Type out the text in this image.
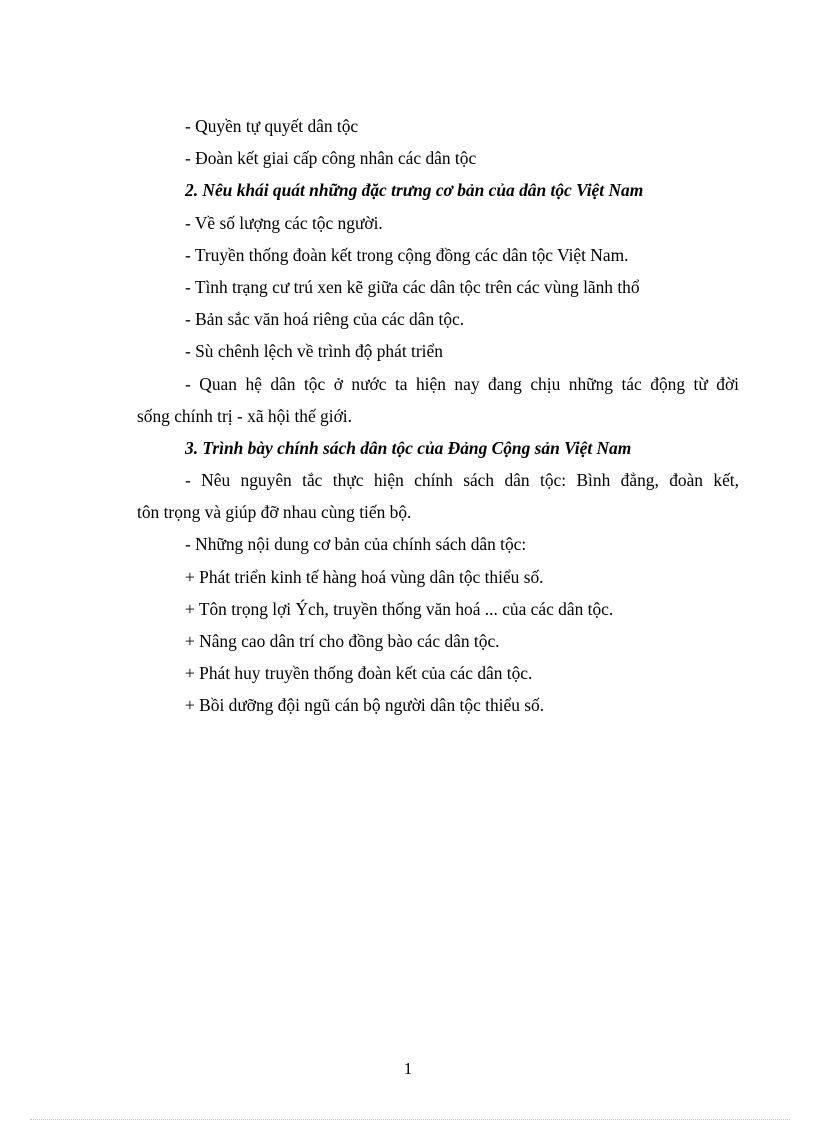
- Quyền tự quyết dân tộc
- Đoàn kết giai cấp công nhân các dân tộc
2. Nêu khái quát những đặc trưng cơ bản của dân tộc Việt Nam
- Về số lượng các tộc người.
- Truyền thống đoàn kết trong cộng đồng các dân tộc Việt Nam.
- Tình trạng cư trú xen kẽ giữa các dân tộc trên các vùng lãnh thổ
- Bản sắc văn hoá riêng của các dân tộc.
- Sù chênh lệch về trình độ phát triển
- Quan hệ dân tộc ở nước ta hiện nay đang chịu những tác động từ đời
sống chính trị - xã hội thế giới.
3. Trình bày chính sách dân tộc của Đảng Cộng sản Việt Nam
- Nêu nguyên tắc thực hiện chính sách dân tộc: Bình đẳng, đoàn kết,
tôn trọng và giúp đỡ nhau cùng tiến bộ.
- Những nội dung cơ bản của chính sách dân tộc:
+ Phát triển kinh tế hàng hoá vùng dân tộc thiểu số.
+ Tôn trọng lợi Ých, truyền thống văn hoá ... của các dân tộc.
+ Nâng cao dân trí cho đồng bào các dân tộc.
+ Phát huy truyền thống đoàn kết của các dân tộc.
+ Bồi dưỡng đội ngũ cán bộ người dân tộc thiểu số.
1
